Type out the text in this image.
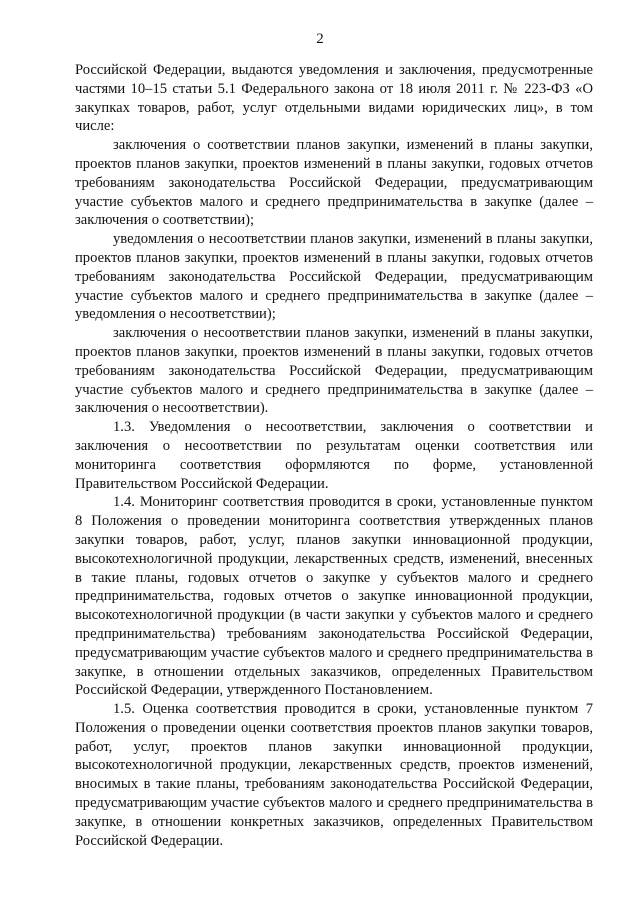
2

Российской Федерации, выдаются уведомления и заключения, предусмотренные частями 10–15 статьи 5.1 Федерального закона от 18 июля 2011 г. № 223-ФЗ «О закупках товаров, работ, услуг отдельными видами юридических лиц», в том числе:

заключения о соответствии планов закупки, изменений в планы закупки, проектов планов закупки, проектов изменений в планы закупки, годовых отчетов требованиям законодательства Российской Федерации, предусматривающим участие субъектов малого и среднего предпринимательства в закупке (далее – заключения о соответствии);

уведомления о несоответствии планов закупки, изменений в планы закупки, проектов планов закупки, проектов изменений в планы закупки, годовых отчетов требованиям законодательства Российской Федерации, предусматривающим участие субъектов малого и среднего предпринимательства в закупке (далее – уведомления о несоответствии);

заключения о несоответствии планов закупки, изменений в планы закупки, проектов планов закупки, проектов изменений в планы закупки, годовых отчетов требованиям законодательства Российской Федерации, предусматривающим участие субъектов малого и среднего предпринимательства в закупке (далее – заключения о несоответствии).

1.3. Уведомления о несоответствии, заключения о соответствии и заключения о несоответствии по результатам оценки соответствия или мониторинга соответствия оформляются по форме, установленной Правительством Российской Федерации.

1.4. Мониторинг соответствия проводится в сроки, установленные пунктом 8 Положения о проведении мониторинга соответствия утвержденных планов закупки товаров, работ, услуг, планов закупки инновационной продукции, высокотехнологичной продукции, лекарственных средств, изменений, внесенных в такие планы, годовых отчетов о закупке у субъектов малого и среднего предпринимательства, годовых отчетов о закупке инновационной продукции, высокотехнологичной продукции (в части закупки у субъектов малого и среднего предпринимательства) требованиям законодательства Российской Федерации, предусматривающим участие субъектов малого и среднего предпринимательства в закупке, в отношении отдельных заказчиков, определенных Правительством Российской Федерации, утвержденного Постановлением.

1.5. Оценка соответствия проводится в сроки, установленные пунктом 7 Положения о проведении оценки соответствия проектов планов закупки товаров, работ, услуг, проектов планов закупки инновационной продукции, высокотехнологичной продукции, лекарственных средств, проектов изменений, вносимых в такие планы, требованиям законодательства Российской Федерации, предусматривающим участие субъектов малого и среднего предпринимательства в закупке, в отношении конкретных заказчиков, определенных Правительством Российской Федерации.
